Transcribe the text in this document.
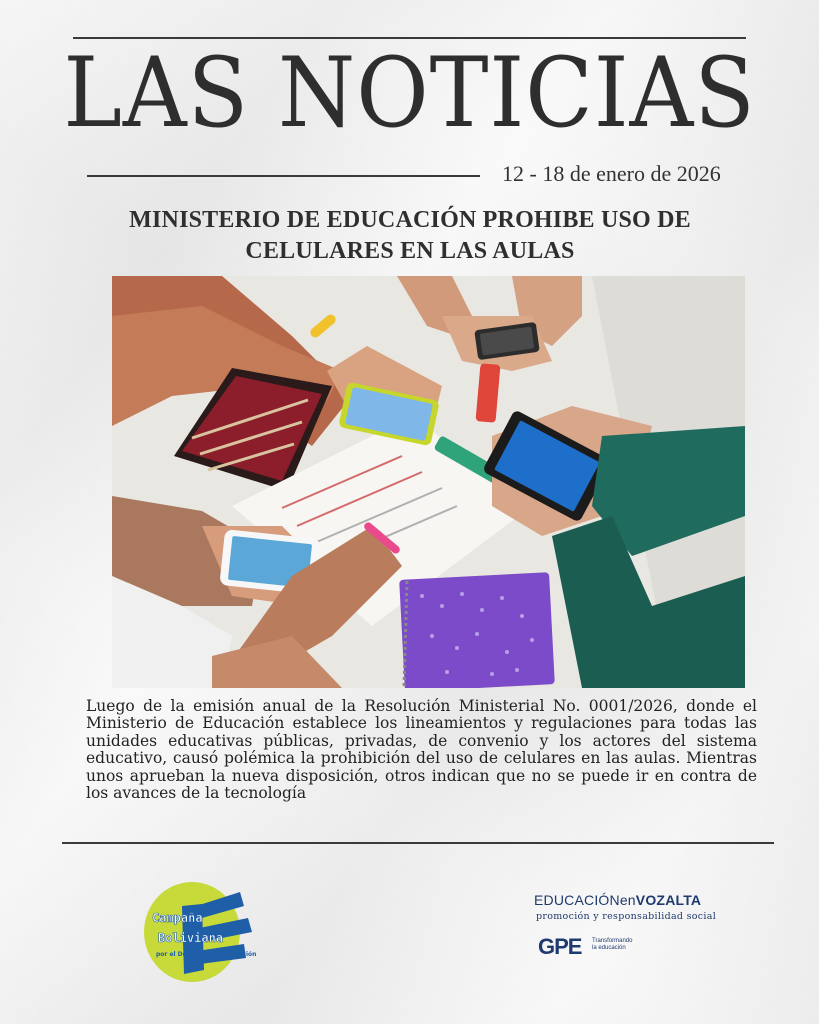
LAS NOTICIAS
12 - 18 de enero de 2026
MINISTERIO DE EDUCACIÓN PROHIBE USO DE
CELULARES EN LAS AULAS
Luego de la emisión anual de la Resolución Ministerial No. 0001/2026, donde el Ministerio de Educación establece los lineamientos y regulaciones para todas las unidades educativas públicas, privadas, de convenio y los actores del sistema educativo, causó polémica la prohibición del uso de celulares en las aulas. Mientras unos aprueban la nueva disposición, otros indican que no se puede ir en contra de los avances de la tecnología
Campaña
Boliviana
por el Derecho a la Educación
EDUCACIÓNenVOZALTA
promoción y responsabilidad social
GPE Transformando la educación
